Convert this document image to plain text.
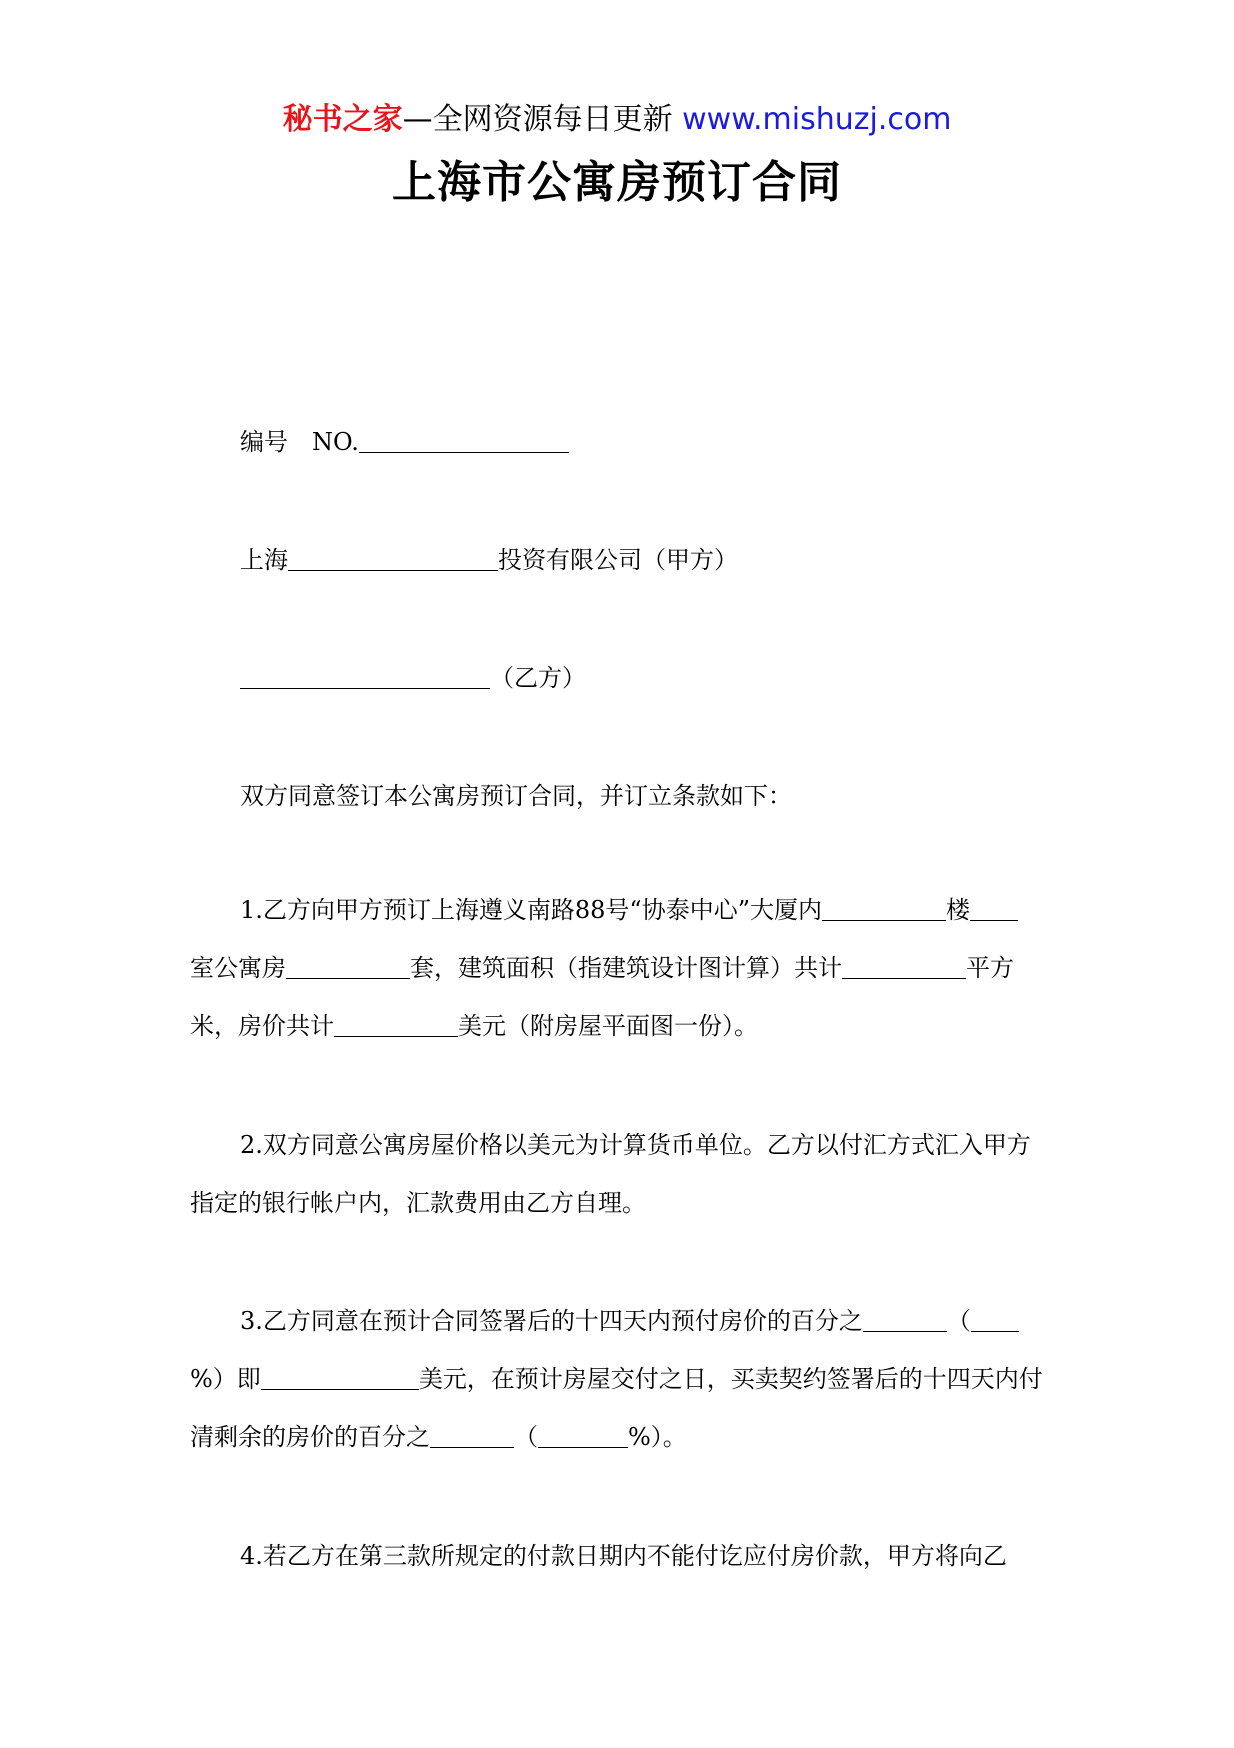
秘书之家—全网资源每日更新 www.mishuzj.com
上海市公寓房预订合同
编号　NO.
上海	投资有限公司（甲方）
（乙方）
双方同意签订本公寓房预订合同，并订立条款如下：
1.乙方向甲方预订上海遵义南路88号“协泰中心”大厦内	楼
室公寓房	套，建筑面积（指建筑设计图计算）共计	平方米，房价共计	美元（附房屋平面图一份）。
2.双方同意公寓房屋价格以美元为计算货币单位。乙方以付汇方式汇入甲方指定的银行帐户内，汇款费用由乙方自理。
3.乙方同意在预计合同签署后的十四天内预付房价的百分之	（
%）即	美元，在预计房屋交付之日，买卖契约签署后的十四天内付清剩余的房价的百分之	（	%）。
4.若乙方在第三款所规定的付款日期内不能付讫应付房价款，甲方将向乙
